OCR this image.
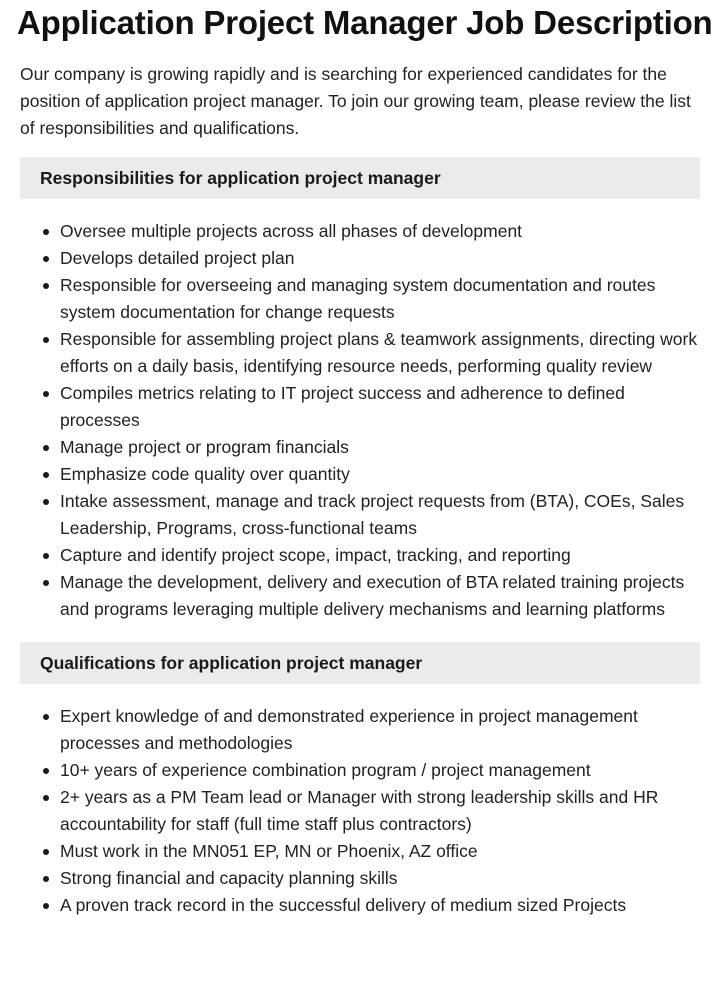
Application Project Manager Job Description

Our company is growing rapidly and is searching for experienced candidates for the position of application project manager. To join our growing team, please review the list of responsibilities and qualifications.

Responsibilities for application project manager
Oversee multiple projects across all phases of development
Develops detailed project plan
Responsible for overseeing and managing system documentation and routes system documentation for change requests
Responsible for assembling project plans & teamwork assignments, directing work efforts on a daily basis, identifying resource needs, performing quality review
Compiles metrics relating to IT project success and adherence to defined processes
Manage project or program financials
Emphasize code quality over quantity
Intake assessment, manage and track project requests from (BTA), COEs, Sales Leadership, Programs, cross-functional teams
Capture and identify project scope, impact, tracking, and reporting
Manage the development, delivery and execution of BTA related training projects and programs leveraging multiple delivery mechanisms and learning platforms
Qualifications for application project manager
Expert knowledge of and demonstrated experience in project management processes and methodologies
10+ years of experience combination program / project management
2+ years as a PM Team lead or Manager with strong leadership skills and HR accountability for staff (full time staff plus contractors)
Must work in the MN051 EP, MN or Phoenix, AZ office
Strong financial and capacity planning skills
A proven track record in the successful delivery of medium sized Projects
